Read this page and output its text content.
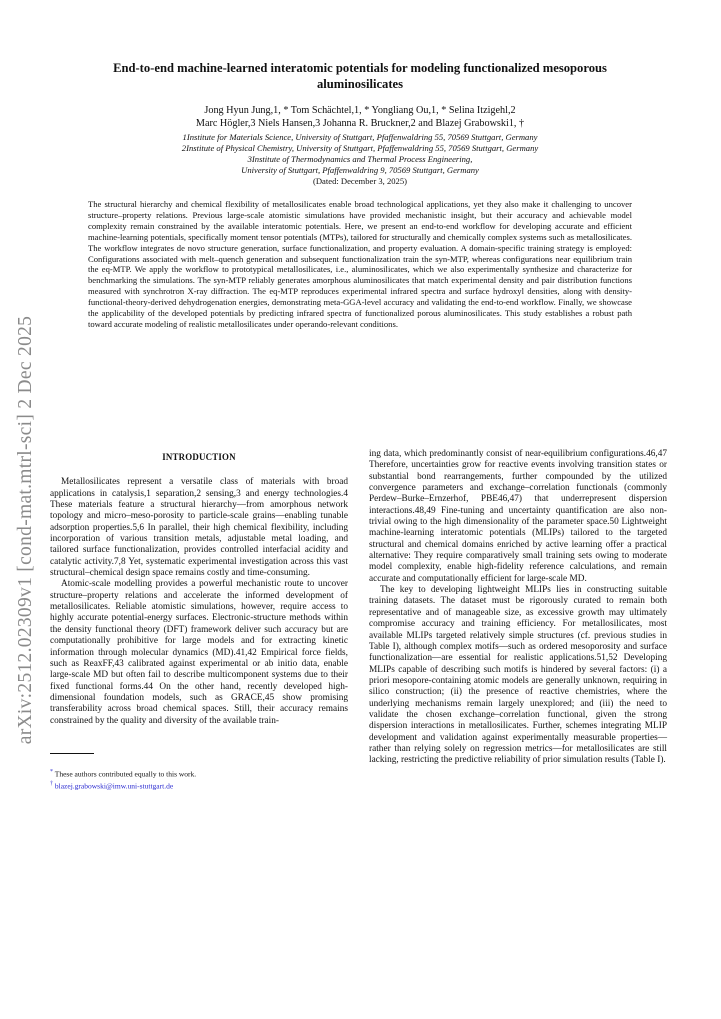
arXiv:2512.02309v1 [cond-mat.mtrl-sci] 2 Dec 2025
End-to-end machine-learned interatomic potentials for modeling functionalized mesoporous aluminosilicates
Jong Hyun Jung,1, * Tom Schächtel,1, * Yongliang Ou,1, * Selina Itzigehl,2
Marc Högler,3 Niels Hansen,3 Johanna R. Bruckner,2 and Blazej Grabowski1, †
1Institute for Materials Science, University of Stuttgart, Pfaffenwaldring 55, 70569 Stuttgart, Germany
2Institute of Physical Chemistry, University of Stuttgart, Pfaffenwaldring 55, 70569 Stuttgart, Germany
3Institute of Thermodynamics and Thermal Process Engineering,
University of Stuttgart, Pfaffenwaldring 9, 70569 Stuttgart, Germany
(Dated: December 3, 2025)
The structural hierarchy and chemical flexibility of metallosilicates enable broad technological applications, yet they also make it challenging to uncover structure–property relations. Previous large-scale atomistic simulations have provided mechanistic insight, but their accuracy and achievable model complexity remain constrained by the available interatomic potentials. Here, we present an end-to-end workflow for developing accurate and efficient machine-learning potentials, specifically moment tensor potentials (MTPs), tailored for structurally and chemically complex systems such as metallosilicates. The workflow integrates de novo structure generation, surface functionalization, and property evaluation. A domain-specific training strategy is employed: Configurations associated with melt–quench generation and subsequent functionalization train the syn-MTP, whereas configurations near equilibrium train the eq-MTP. We apply the workflow to prototypical metallosilicates, i.e., aluminosilicates, which we also experimentally synthesize and characterize for benchmarking the simulations. The syn-MTP reliably generates amorphous aluminosilicates that match experimental density and pair distribution functions measured with synchrotron X-ray diffraction. The eq-MTP reproduces experimental infrared spectra and surface hydroxyl densities, along with density-functional-theory-derived dehydrogenation energies, demonstrating meta-GGA-level accuracy and validating the end-to-end workflow. Finally, we showcase the applicability of the developed potentials by predicting infrared spectra of functionalized porous aluminosilicates. This study establishes a robust path toward accurate modeling of realistic metallosilicates under operando-relevant conditions.
INTRODUCTION

Metallosilicates represent a versatile class of materials with broad applications in catalysis,1 separation,2 sensing,3 and energy technologies.4 These materials feature a structural hierarchy—from amorphous network topology and micro–meso-porosity to particle-scale grains—enabling tunable adsorption properties.5,6 In parallel, their high chemical flexibility, including incorporation of various transition metals, adjustable metal loading, and tailored surface functionalization, provides controlled interfacial acidity and catalytic activity.7,8 Yet, systematic experimental investigation across this vast structural–chemical design space remains costly and time-consuming.

Atomic-scale modelling provides a powerful mechanistic route to uncover structure–property relations and accelerate the informed development of metallosilicates. Reliable atomistic simulations, however, require access to highly accurate potential-energy surfaces. Electronic-structure methods within the density functional theory (DFT) framework deliver such accuracy but are computationally prohibitive for large models and for extracting kinetic information through molecular dynamics (MD).41,42 Empirical force fields, such as ReaxFF,43 calibrated against experimental or ab initio data, enable large-scale MD but often fail to describe multicomponent systems due to their fixed functional forms.44 On the other hand, recently developed high-dimensional foundation models, such as GRACE,45 show promising transferability across broad chemical spaces. Still, their accuracy remains constrained by the quality and diversity of the available train-

* These authors contributed equally to this work.
† blazej.grabowski@imw.uni-stuttgart.de

ing data, which predominantly consist of near-equilibrium configurations.46,47 Therefore, uncertainties grow for reactive events involving transition states or substantial bond rearrangements, further compounded by the utilized convergence parameters and exchange–correlation functionals (commonly Perdew–Burke–Ernzerhof, PBE46,47) that underrepresent dispersion interactions.48,49 Fine-tuning and uncertainty quantification are also non-trivial owing to the high dimensionality of the parameter space.50 Lightweight machine-learning interatomic potentials (MLIPs) tailored to the targeted structural and chemical domains enriched by active learning offer a practical alternative: They require comparatively small training sets owing to moderate model complexity, enable high-fidelity reference calculations, and remain accurate and computationally efficient for large-scale MD.

The key to developing lightweight MLIPs lies in constructing suitable training datasets. The dataset must be rigorously curated to remain both representative and of manageable size, as excessive growth may ultimately compromise accuracy and training efficiency. For metallosilicates, most available MLIPs targeted relatively simple structures (cf. previous studies in Table I), although complex motifs—such as ordered mesoporosity and surface functionalization—are essential for realistic applications.51,52 Developing MLIPs capable of describing such motifs is hindered by several factors: (i) a priori mesopore-containing atomic models are generally unknown, requiring in silico construction; (ii) the presence of reactive chemistries, where the underlying mechanisms remain largely unexplored; and (iii) the need to validate the chosen exchange–correlation functional, given the strong dispersion interactions in metallosilicates. Further, schemes integrating MLIP development and validation against experimentally measurable properties—rather than relying solely on regression metrics—for metallosilicates are still lacking, restricting the predictive reliability of prior simulation results (Table I).
